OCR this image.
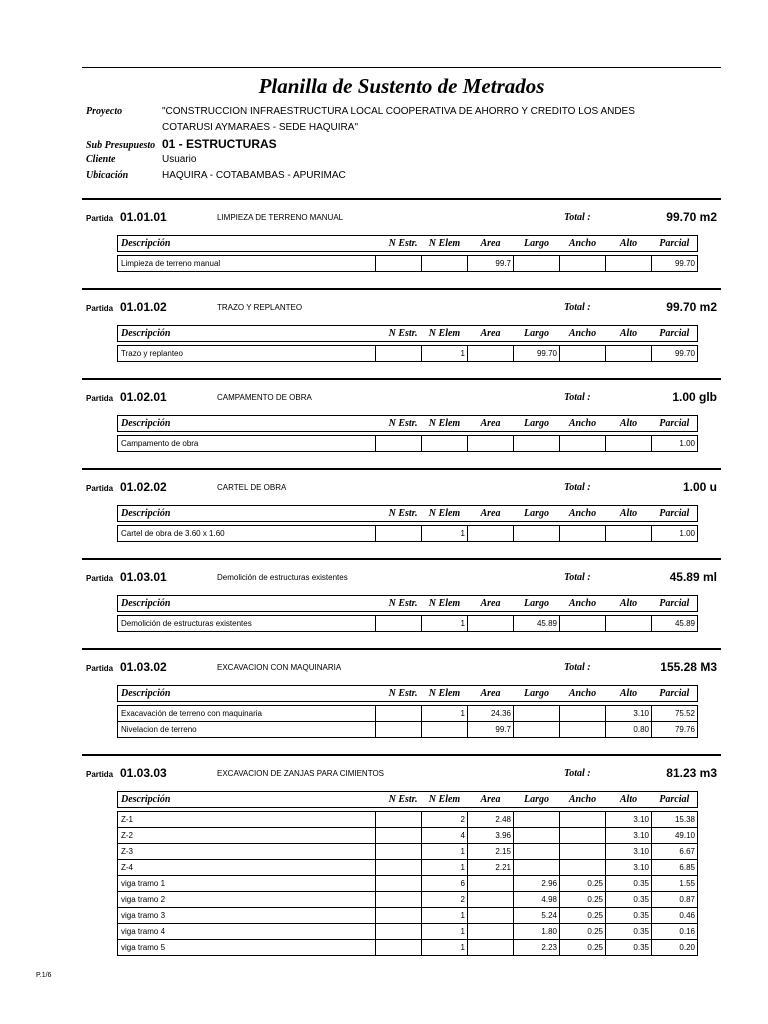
Planilla de Sustento de Metrados
Proyecto	"CONSTRUCCION INFRAESTRUCTURA LOCAL COOPERATIVA DE AHORRO Y CREDITO LOS ANDES
COTARUSI AYMARAES - SEDE HAQUIRA"
Sub Presupuesto 01 - ESTRUCTURAS
Cliente	Usuario
Ubicación	HAQUIRA - COTABAMBAS - APURIMAC
Partida 01.01.01	LIMPIEZA DE TERRENO MANUAL	Total :	99.70 m2
Descripción	N Estr.	N Elem	Area	Largo	Ancho	Alto	Parcial

Limpieza de terreno manual			99.7				99.70
Partida 01.01.02	TRAZO Y REPLANTEO	Total :	99.70 m2
Descripción	N Estr.	N Elem	Area	Largo	Ancho	Alto	Parcial

Trazo y replanteo		1		99.70			99.70
Partida 01.02.01	CAMPAMENTO DE OBRA	Total :	1.00 glb
Descripción	N Estr.	N Elem	Area	Largo	Ancho	Alto	Parcial

Campamento de obra							1.00
Partida 01.02.02	CARTEL DE OBRA	Total :	1.00 u
Descripción	N Estr.	N Elem	Area	Largo	Ancho	Alto	Parcial

Cartel de obra de 3.60 x 1.60		1					1.00
Partida 01.03.01	Demolición de estructuras existentes	Total :	45.89 ml
Descripción	N Estr.	N Elem	Area	Largo	Ancho	Alto	Parcial

Demolición de estructuras existentes		1		45.89			45.89
Partida 01.03.02	EXCAVACION CON MAQUINARIA	Total :	155.28 M3
Descripción	N Estr.	N Elem	Area	Largo	Ancho	Alto	Parcial

Exacavación de terreno con maquinaria		1	24.36			3.10	75.52
Nivelacion de terreno			99.7			0.80	79.76
Partida 01.03.03	EXCAVACION DE ZANJAS PARA CIMIENTOS	Total :	81.23 m3
Descripción	N Estr.	N Elem	Area	Largo	Ancho	Alto	Parcial

Z-1		2	2.48			3.10	15.38
Z-2		4	3.96			3.10	49.10
Z-3		1	2.15			3.10	6.67
Z-4		1	2.21			3.10	6.85
viga tramo 1		6		2.96	0.25	0.35	1.55
viga tramo 2		2		4.98	0.25	0.35	0.87
viga tramo 3		1		5.24	0.25	0.35	0.46
viga tramo 4		1		1.80	0.25	0.35	0.16
viga tramo 5		1		2.23	0.25	0.35	0.20
P.1/6
